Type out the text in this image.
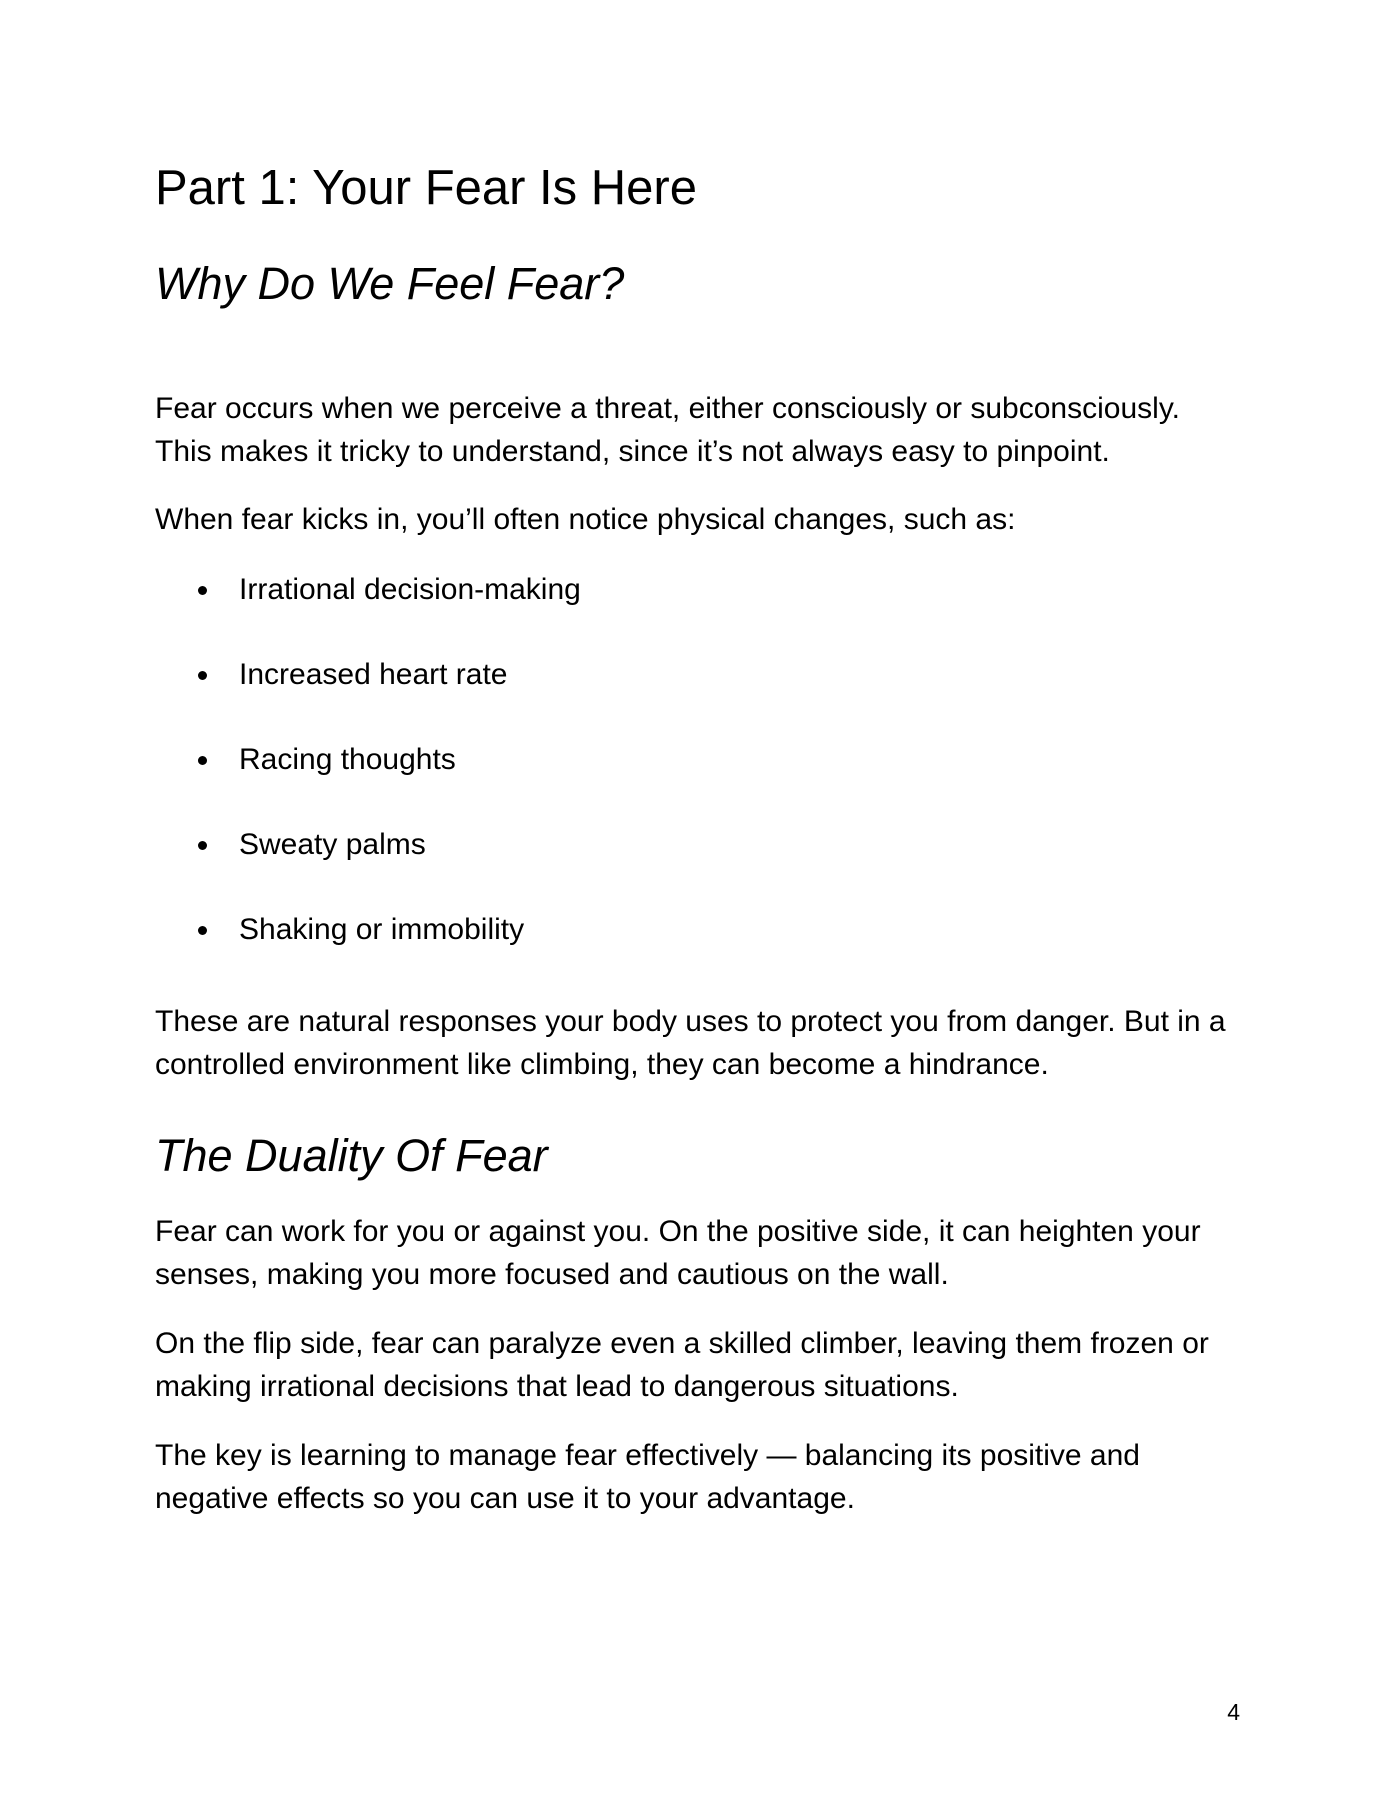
Part 1: Your Fear Is Here
Why Do We Feel Fear?

Fear occurs when we perceive a threat, either consciously or subconsciously. This makes it tricky to understand, since it’s not always easy to pinpoint.

When fear kicks in, you’ll often notice physical changes, such as:

Irrational decision-making
Increased heart rate
Racing thoughts
Sweaty palms
Shaking or immobility

These are natural responses your body uses to protect you from danger. But in a controlled environment like climbing, they can become a hindrance.

The Duality Of Fear

Fear can work for you or against you. On the positive side, it can heighten your senses, making you more focused and cautious on the wall.

On the flip side, fear can paralyze even a skilled climber, leaving them frozen or making irrational decisions that lead to dangerous situations.

The key is learning to manage fear effectively — balancing its positive and negative effects so you can use it to your advantage.

4
